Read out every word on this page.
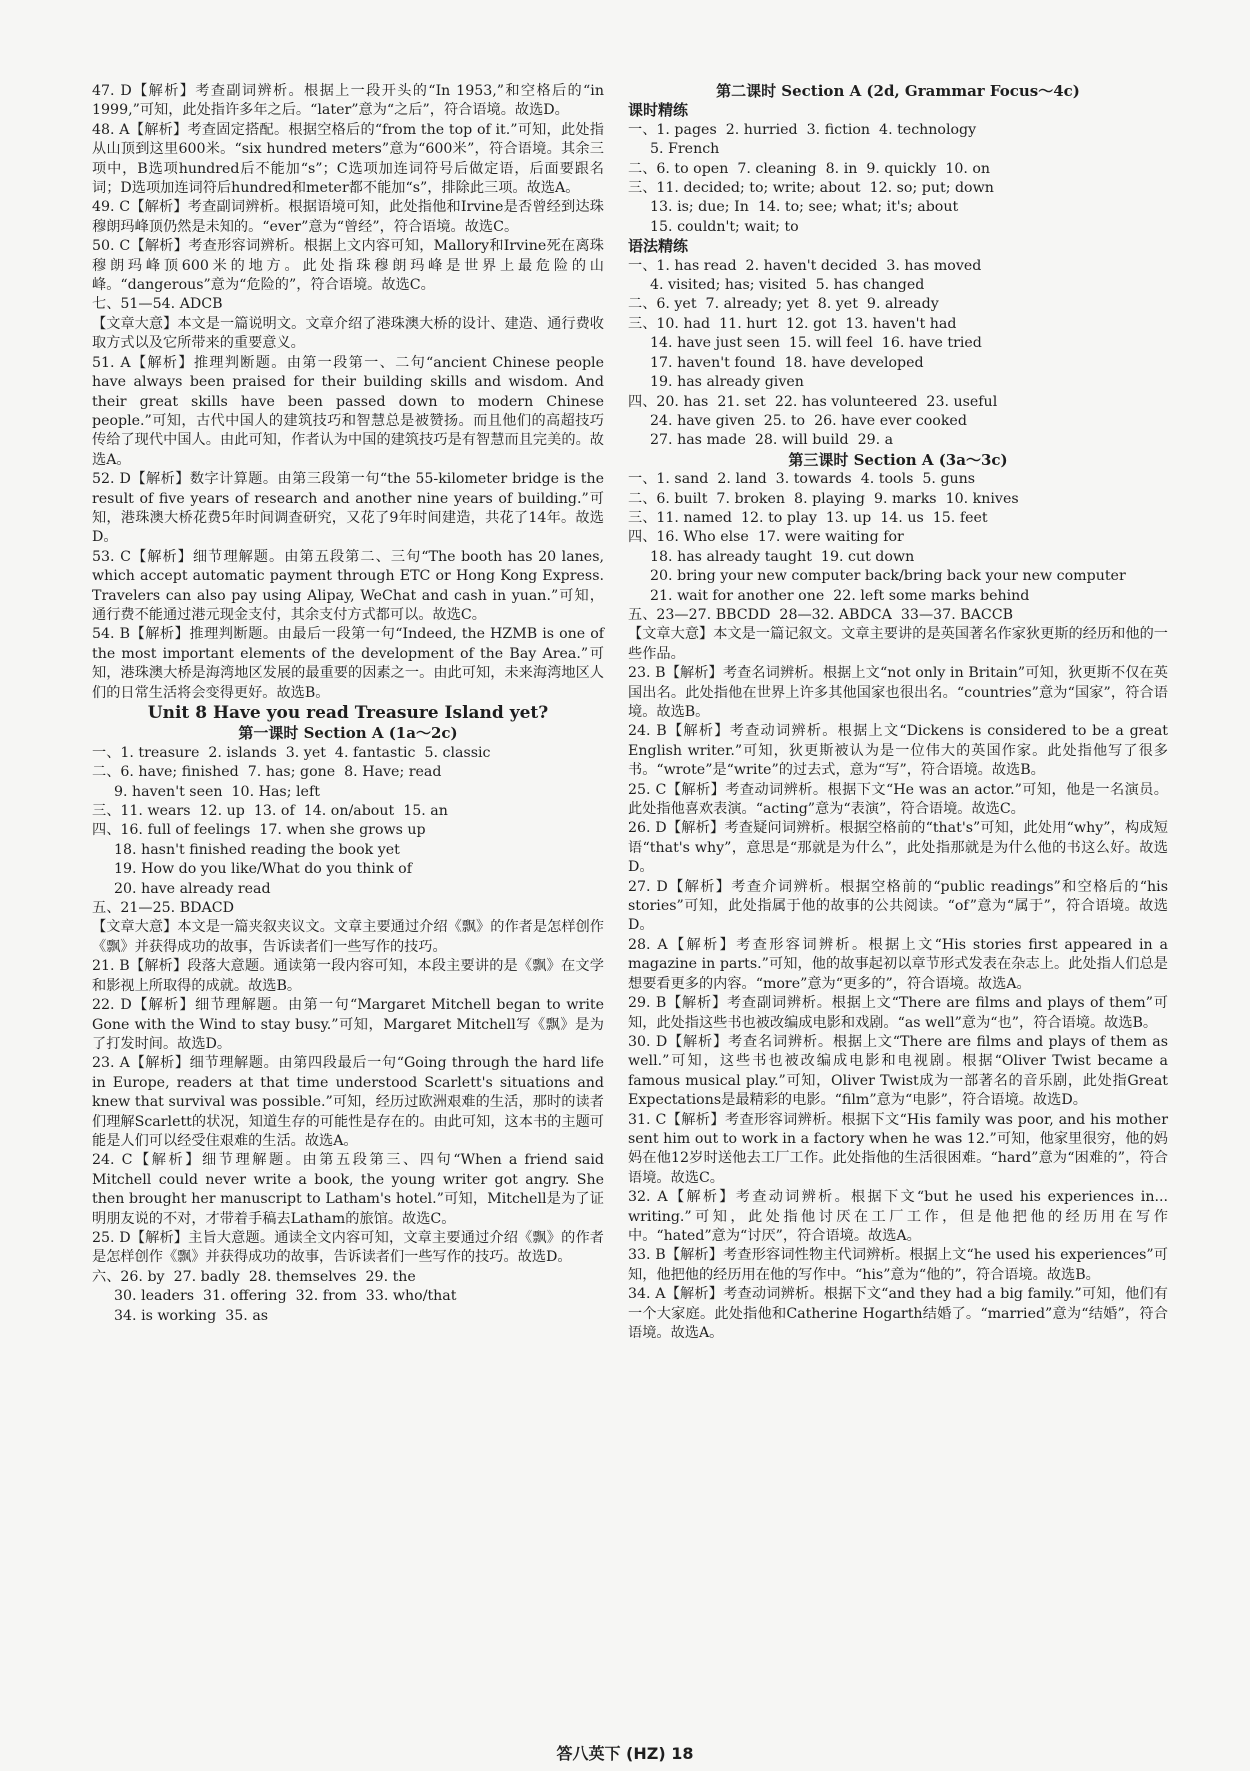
47. D【解析】考查副词辨析。根据上一段开头的“In 1953,”和空格后的“in 1999,”可知，此处指许多年之后。“later”意为“之后”，符合语境。故选D。
48. A【解析】考查固定搭配。根据空格后的“from the top of it.”可知，此处指从山顶到这里600米。“six hundred meters”意为“600米”，符合语境。其余三项中，B选项hundred后不能加“s”；C选项加连词符号后做定语，后面要跟名词；D选项加连词符后hundred和meter都不能加“s”，排除此三项。故选A。
49. C【解析】考查副词辨析。根据语境可知，此处指他和Irvine是否曾经到达珠穆朗玛峰顶仍然是未知的。“ever”意为“曾经”，符合语境。故选C。
50. C【解析】考查形容词辨析。根据上文内容可知，Mallory和Irvine死在离珠穆朗玛峰顶600米的地方。此处指珠穆朗玛峰是世界上最危险的山峰。“dangerous”意为“危险的”，符合语境。故选C。
七、51—54. ADCB
【文章大意】本文是一篇说明文。文章介绍了港珠澳大桥的设计、建造、通行费收取方式以及它所带来的重要意义。
51. A【解析】推理判断题。由第一段第一、二句“ancient Chinese people have always been praised for their building skills and wisdom. And their great skills have been passed down to modern Chinese people.”可知，古代中国人的建筑技巧和智慧总是被赞扬。而且他们的高超技巧传给了现代中国人。由此可知，作者认为中国的建筑技巧是有智慧而且完美的。故选A。
52. D【解析】数字计算题。由第三段第一句“the 55-kilometer bridge is the result of five years of research and another nine years of building.”可知，港珠澳大桥花费5年时间调查研究，又花了9年时间建造，共花了14年。故选D。
53. C【解析】细节理解题。由第五段第二、三句“The booth has 20 lanes, which accept automatic payment through ETC or Hong Kong Express. Travelers can also pay using Alipay, WeChat and cash in yuan.”可知，通行费不能通过港元现金支付，其余支付方式都可以。故选C。
54. B【解析】推理判断题。由最后一段第一句“Indeed, the HZMB is one of the most important elements of the development of the Bay Area.”可知，港珠澳大桥是海湾地区发展的最重要的因素之一。由此可知，未来海湾地区人们的日常生活将会变得更好。故选B。
Unit 8 Have you read Treasure Island yet?
第一课时 Section A (1a～2c)
一、1. treasure  2. islands  3. yet  4. fantastic  5. classic
二、6. have; finished  7. has; gone  8. Have; read
9. haven't seen  10. Has; left
三、11. wears  12. up  13. of  14. on/about  15. an
四、16. full of feelings  17. when she grows up
18. hasn't finished reading the book yet
19. How do you like/What do you think of
20. have already read
五、21—25. BDACD
【文章大意】本文是一篇夹叙夹议文。文章主要通过介绍《飘》的作者是怎样创作《飘》并获得成功的故事，告诉读者们一些写作的技巧。
21. B【解析】段落大意题。通读第一段内容可知，本段主要讲的是《飘》在文学和影视上所取得的成就。故选B。
22. D【解析】细节理解题。由第一句“Margaret Mitchell began to write Gone with the Wind to stay busy.”可知，Margaret Mitchell写《飘》是为了打发时间。故选D。
23. A【解析】细节理解题。由第四段最后一句“Going through the hard life in Europe, readers at that time understood Scarlett's situations and knew that survival was possible.”可知，经历过欧洲艰难的生活，那时的读者们理解Scarlett的状况，知道生存的可能性是存在的。由此可知，这本书的主题可能是人们可以经受住艰难的生活。故选A。
24. C【解析】细节理解题。由第五段第三、四句“When a friend said Mitchell could never write a book, the young writer got angry. She then brought her manuscript to Latham's hotel.”可知，Mitchell是为了证明朋友说的不对，才带着手稿去Latham的旅馆。故选C。
25. D【解析】主旨大意题。通读全文内容可知，文章主要通过介绍《飘》的作者是怎样创作《飘》并获得成功的故事，告诉读者们一些写作的技巧。故选D。
六、26. by  27. badly  28. themselves  29. the
30. leaders  31. offering  32. from  33. who/that
34. is working  35. as
第二课时 Section A (2d, Grammar Focus～4c)
课时精练
一、1. pages  2. hurried  3. fiction  4. technology
5. French
二、6. to open  7. cleaning  8. in  9. quickly  10. on
三、11. decided; to; write; about  12. so; put; down
13. is; due; In  14. to; see; what; it's; about
15. couldn't; wait; to
语法精练
一、1. has read  2. haven't decided  3. has moved
4. visited; has; visited  5. has changed
二、6. yet  7. already; yet  8. yet  9. already
三、10. had  11. hurt  12. got  13. haven't had
14. have just seen  15. will feel  16. have tried
17. haven't found  18. have developed
19. has already given
四、20. has  21. set  22. has volunteered  23. useful
24. have given  25. to  26. have ever cooked
27. has made  28. will build  29. a
第三课时 Section A (3a～3c)
一、1. sand  2. land  3. towards  4. tools  5. guns
二、6. built  7. broken  8. playing  9. marks  10. knives
三、11. named  12. to play  13. up  14. us  15. feet
四、16. Who else  17. were waiting for
18. has already taught  19. cut down
20. bring your new computer back/bring back your new computer
21. wait for another one  22. left some marks behind
五、23—27. BBCDD  28—32. ABDCA  33—37. BACCB
【文章大意】本文是一篇记叙文。文章主要讲的是英国著名作家狄更斯的经历和他的一些作品。
23. B【解析】考查名词辨析。根据上文“not only in Britain”可知，狄更斯不仅在英国出名。此处指他在世界上许多其他国家也很出名。“countries”意为“国家”，符合语境。故选B。
24. B【解析】考查动词辨析。根据上文“Dickens is considered to be a great English writer.”可知，狄更斯被认为是一位伟大的英国作家。此处指他写了很多书。“wrote”是“write”的过去式，意为“写”，符合语境。故选B。
25. C【解析】考查动词辨析。根据下文“He was an actor.”可知，他是一名演员。此处指他喜欢表演。“acting”意为“表演”，符合语境。故选C。
26. D【解析】考查疑问词辨析。根据空格前的“that's”可知，此处用“why”，构成短语“that's why”，意思是“那就是为什么”，此处指那就是为什么他的书这么好。故选D。
27. D【解析】考查介词辨析。根据空格前的“public readings”和空格后的“his stories”可知，此处指属于他的故事的公共阅读。“of”意为“属于”，符合语境。故选D。
28. A【解析】考查形容词辨析。根据上文“His stories first appeared in a magazine in parts.”可知，他的故事起初以章节形式发表在杂志上。此处指人们总是想要看更多的内容。“more”意为“更多的”，符合语境。故选A。
29. B【解析】考查副词辨析。根据上文“There are films and plays of them”可知，此处指这些书也被改编成电影和戏剧。“as well”意为“也”，符合语境。故选B。
30. D【解析】考查名词辨析。根据上文“There are films and plays of them as well.”可知，这些书也被改编成电影和电视剧。根据“Oliver Twist became a famous musical play.”可知，Oliver Twist成为一部著名的音乐剧，此处指Great Expectations是最精彩的电影。“film”意为“电影”，符合语境。故选D。
31. C【解析】考查形容词辨析。根据下文“His family was poor, and his mother sent him out to work in a factory when he was 12.”可知，他家里很穷，他的妈妈在他12岁时送他去工厂工作。此处指他的生活很困难。“hard”意为“困难的”，符合语境。故选C。
32. A【解析】考查动词辨析。根据下文“but he used his experiences in... writing.”可知，此处指他讨厌在工厂工作，但是他把他的经历用在写作中。“hated”意为“讨厌”，符合语境。故选A。
33. B【解析】考查形容词性物主代词辨析。根据上文“he used his experiences”可知，他把他的经历用在他的写作中。“his”意为“他的”，符合语境。故选B。
34. A【解析】考查动词辨析。根据下文“and they had a big family.”可知，他们有一个大家庭。此处指他和Catherine Hogarth结婚了。“married”意为“结婚”，符合语境。故选A。
答八英下 (HZ) 18
